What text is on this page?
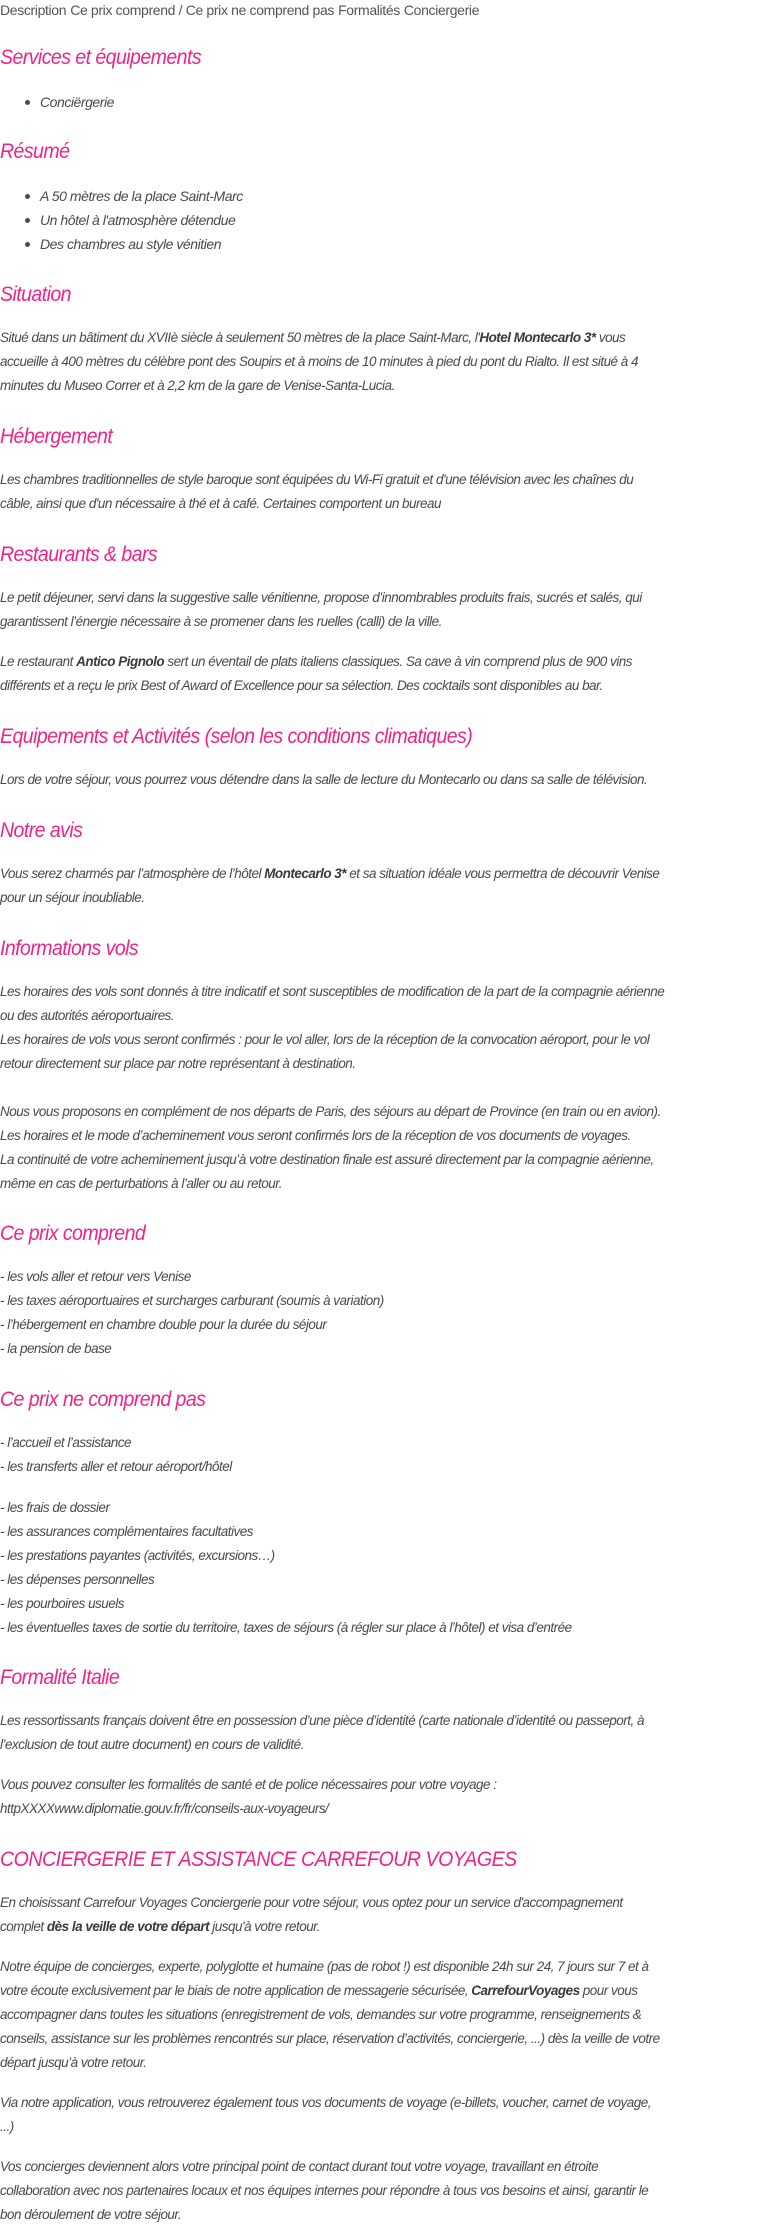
Description Ce prix comprend / Ce prix ne comprend pas Formalités Conciergerie
Services et équipements
Conciërgerie
Résumé
A 50 mètres de la place Saint-Marc
Un hôtel à l'atmosphère détendue
Des chambres au style vénitien
Situation
Situé dans un bâtiment du XVIIè siècle à seulement 50 mètres de la place Saint-Marc, l'Hotel Montecarlo 3* vous
accueille à 400 mètres du célèbre pont des Soupirs et à moins de 10 minutes à pied du pont du Rialto. Il est situé à 4
minutes du Museo Correr et à 2,2 km de la gare de Venise-Santa-Lucia.
Hébergement
Les chambres traditionnelles de style baroque sont équipées du Wi-Fi gratuit et d'une télévision avec les chaînes du
câble, ainsi que d'un nécessaire à thé et à café. Certaines comportent un bureau
Restaurants & bars
Le petit déjeuner, servi dans la suggestive salle vénitienne, propose d’innombrables produits frais, sucrés et salés, qui
garantissent l’énergie nécessaire à se promener dans les ruelles (calli) de la ville.
Le restaurant Antico Pignolo sert un éventail de plats italiens classiques. Sa cave à vin comprend plus de 900 vins
différents et a reçu le prix Best of Award of Excellence pour sa sélection. Des cocktails sont disponibles au bar.
Equipements et Activités (selon les conditions climatiques)
Lors de votre séjour, vous pourrez vous détendre dans la salle de lecture du Montecarlo ou dans sa salle de télévision.
Notre avis
Vous serez charmés par l’atmosphère de l’hôtel Montecarlo 3* et sa situation idéale vous permettra de découvrir Venise
pour un séjour inoubliable.
Informations vols
Les horaires des vols sont donnés à titre indicatif et sont susceptibles de modification de la part de la compagnie aérienne
ou des autorités aéroportuaires.
Les horaires de vols vous seront confirmés : pour le vol aller, lors de la réception de la convocation aéroport, pour le vol
retour directement sur place par notre représentant à destination.
Nous vous proposons en complément de nos départs de Paris, des séjours au départ de Province (en train ou en avion).
Les horaires et le mode d’acheminement vous seront confirmés lors de la réception de vos documents de voyages.
La continuité de votre acheminement jusqu’à votre destination finale est assuré directement par la compagnie aérienne,
même en cas de perturbations à l’aller ou au retour.
Ce prix comprend
- les vols aller et retour vers Venise
- les taxes aéroportuaires et surcharges carburant (soumis à variation)
- l’hébergement en chambre double pour la durée du séjour
- la pension de base
Ce prix ne comprend pas
- l’accueil et l’assistance
- les transferts aller et retour aéroport/hôtel
- les frais de dossier
- les assurances complémentaires facultatives
- les prestations payantes (activités, excursions…)
- les dépenses personnelles
- les pourboires usuels
- les éventuelles taxes de sortie du territoire, taxes de séjours (à régler sur place à l’hôtel) et visa d’entrée
Formalité Italie
Les ressortissants français doivent être en possession d’une pièce d’identité (carte nationale d’identité ou passeport, à
l’exclusion de tout autre document) en cours de validité.
Vous pouvez consulter les formalités de santé et de police nécessaires pour votre voyage :
httpXXXXwww.diplomatie.gouv.fr/fr/conseils-aux-voyageurs/
CONCIERGERIE ET ASSISTANCE CARREFOUR VOYAGES
En choisissant Carrefour Voyages Conciergerie pour votre séjour, vous optez pour un service d'accompagnement
complet dès la veille de votre départ jusqu'à votre retour.
Notre équipe de concierges, experte, polyglotte et humaine (pas de robot !) est disponible 24h sur 24, 7 jours sur 7 et à
votre écoute exclusivement par le biais de notre application de messagerie sécurisée, CarrefourVoyages pour vous
accompagner dans toutes les situations (enregistrement de vols, demandes sur votre programme, renseignements &
conseils, assistance sur les problèmes rencontrés sur place, réservation d’activités, conciergerie, ...) dès la veille de votre
départ jusqu’à votre retour.
Via notre application, vous retrouverez également tous vos documents de voyage (e-billets, voucher, carnet de voyage,
...)
Vos concierges deviennent alors votre principal point de contact durant tout votre voyage, travaillant en étroite
collaboration avec nos partenaires locaux et nos équipes internes pour répondre à tous vos besoins et ainsi, garantir le
bon déroulement de votre séjour.
